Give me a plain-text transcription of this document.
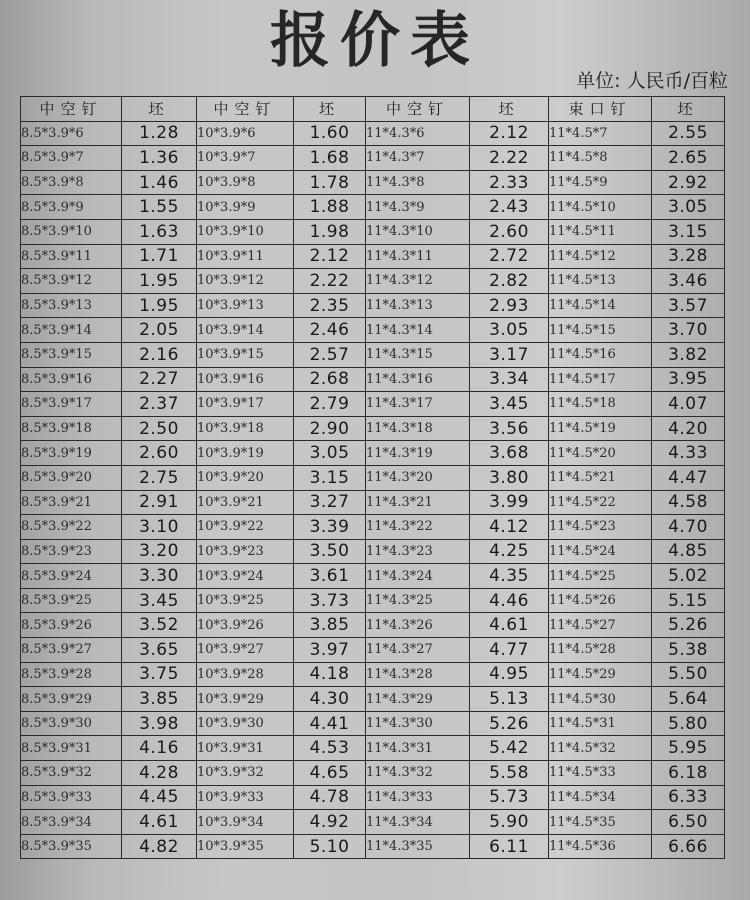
报价表
单位: 人民币/百粒
中空钉	坯	中空钉	坯	中空钉	坯	束口钉	坯
8.5*3.9*6	1.28	10*3.9*6	1.60	11*4.3*6	2.12	11*4.5*7	2.55
8.5*3.9*7	1.36	10*3.9*7	1.68	11*4.3*7	2.22	11*4.5*8	2.65
8.5*3.9*8	1.46	10*3.9*8	1.78	11*4.3*8	2.33	11*4.5*9	2.92
8.5*3.9*9	1.55	10*3.9*9	1.88	11*4.3*9	2.43	11*4.5*10	3.05
8.5*3.9*10	1.63	10*3.9*10	1.98	11*4.3*10	2.60	11*4.5*11	3.15
8.5*3.9*11	1.71	10*3.9*11	2.12	11*4.3*11	2.72	11*4.5*12	3.28
8.5*3.9*12	1.95	10*3.9*12	2.22	11*4.3*12	2.82	11*4.5*13	3.46
8.5*3.9*13	1.95	10*3.9*13	2.35	11*4.3*13	2.93	11*4.5*14	3.57
8.5*3.9*14	2.05	10*3.9*14	2.46	11*4.3*14	3.05	11*4.5*15	3.70
8.5*3.9*15	2.16	10*3.9*15	2.57	11*4.3*15	3.17	11*4.5*16	3.82
8.5*3.9*16	2.27	10*3.9*16	2.68	11*4.3*16	3.34	11*4.5*17	3.95
8.5*3.9*17	2.37	10*3.9*17	2.79	11*4.3*17	3.45	11*4.5*18	4.07
8.5*3.9*18	2.50	10*3.9*18	2.90	11*4.3*18	3.56	11*4.5*19	4.20
8.5*3.9*19	2.60	10*3.9*19	3.05	11*4.3*19	3.68	11*4.5*20	4.33
8.5*3.9*20	2.75	10*3.9*20	3.15	11*4.3*20	3.80	11*4.5*21	4.47
8.5*3.9*21	2.91	10*3.9*21	3.27	11*4.3*21	3.99	11*4.5*22	4.58
8.5*3.9*22	3.10	10*3.9*22	3.39	11*4.3*22	4.12	11*4.5*23	4.70
8.5*3.9*23	3.20	10*3.9*23	3.50	11*4.3*23	4.25	11*4.5*24	4.85
8.5*3.9*24	3.30	10*3.9*24	3.61	11*4.3*24	4.35	11*4.5*25	5.02
8.5*3.9*25	3.45	10*3.9*25	3.73	11*4.3*25	4.46	11*4.5*26	5.15
8.5*3.9*26	3.52	10*3.9*26	3.85	11*4.3*26	4.61	11*4.5*27	5.26
8.5*3.9*27	3.65	10*3.9*27	3.97	11*4.3*27	4.77	11*4.5*28	5.38
8.5*3.9*28	3.75	10*3.9*28	4.18	11*4.3*28	4.95	11*4.5*29	5.50
8.5*3.9*29	3.85	10*3.9*29	4.30	11*4.3*29	5.13	11*4.5*30	5.64
8.5*3.9*30	3.98	10*3.9*30	4.41	11*4.3*30	5.26	11*4.5*31	5.80
8.5*3.9*31	4.16	10*3.9*31	4.53	11*4.3*31	5.42	11*4.5*32	5.95
8.5*3.9*32	4.28	10*3.9*32	4.65	11*4.3*32	5.58	11*4.5*33	6.18
8.5*3.9*33	4.45	10*3.9*33	4.78	11*4.3*33	5.73	11*4.5*34	6.33
8.5*3.9*34	4.61	10*3.9*34	4.92	11*4.3*34	5.90	11*4.5*35	6.50
8.5*3.9*35	4.82	10*3.9*35	5.10	11*4.3*35	6.11	11*4.5*36	6.66
